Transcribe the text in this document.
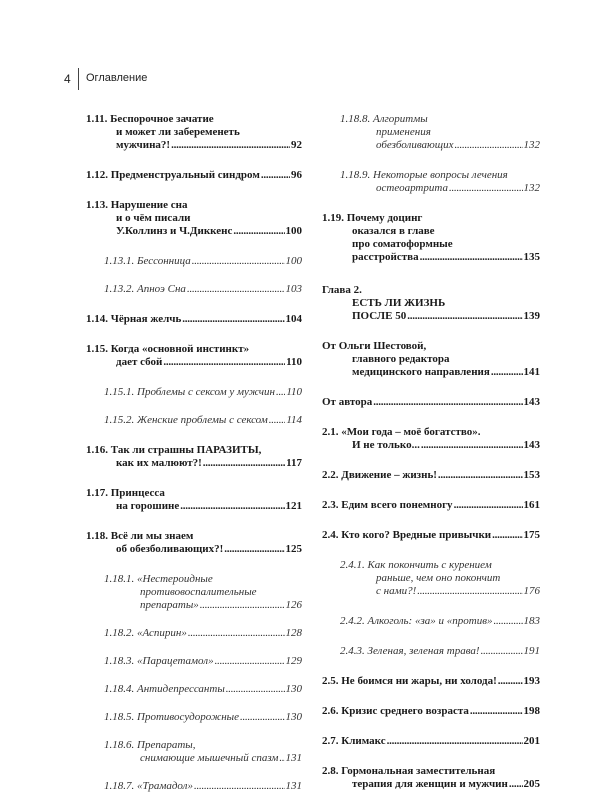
4 Оглавление
1.11. Беспорочное зачатие
и может ли забеременеть
мужчина?! . . .	92
1.12. Предменструальный синдром . . .	96
1.13. Нарушение сна
и о чём писали
У.Коллинз и Ч.Диккенс . . .	100
1.13.1. Бессонница . . .	100
1.13.2. Апноэ Сна . . .	103
1.14. Чёрная желчь . . .	104
1.15. Когда «основной инстинкт»
дает сбой . . .	110
1.15.1. Проблемы с сексом у мужчин . . . 110
1.15.2. Женские проблемы с сексом . . . 114
1.16. Так ли страшны ПАРАЗИТЫ,
как их малюют?! . . .	117
1.17. Принцесса
на горошине . . .	121
1.18. Всё ли мы знаем
об обезболивающих?! . . .	125
1.18.1. «Нестероидные
противовоспалительные
препараты» . . .	126
1.18.2. «Аспирин» . . .	128
1.18.3. «Парацетамол» . . .	129
1.18.4. Антидепрессанты . . .	130
1.18.5. Противосудорожные . . .	130
1.18.6. Препараты,
снимающие мышечный спазм . . . 131
1.18.7. «Трамадол» . . .	131
1.18.8. Алгоритмы
применения
обезболивающих . . .	132
1.18.9. Некоторые вопросы лечения
остеоартрита . . .	132
1.19. Почему доцинг
оказался в главе
про соматоформные
расстройства . . .	135
Глава 2.
ЕСТЬ ЛИ ЖИЗНЬ
ПОСЛЕ 50 . . .	139
От Ольги Шестовой,
главного редактора
медицинского направления . . .	141
От автора . . .	143
2.1. «Мои года – моё богатство».
И не только... . . .	143
2.2. Движение – жизнь! . . .	153
2.3. Едим всего понемногу . . .	161
2.4. Кто кого? Вредные привычки . . .	175
2.4.1. Как покончить с курением
раньше, чем оно покончит
с нами?! . . .	176
2.4.2. Алкоголь: «за» и «против» . . .	183
2.4.3. Зеленая, зеленая трава! . . .	191
2.5. Не боимся ни жары, ни холода! . . . 193
2.6. Кризис среднего возраста . . .	198
2.7. Климакс . . .	201
2.8. Гормональная заместительная
терапия для женщин и мужчин . . . 205
